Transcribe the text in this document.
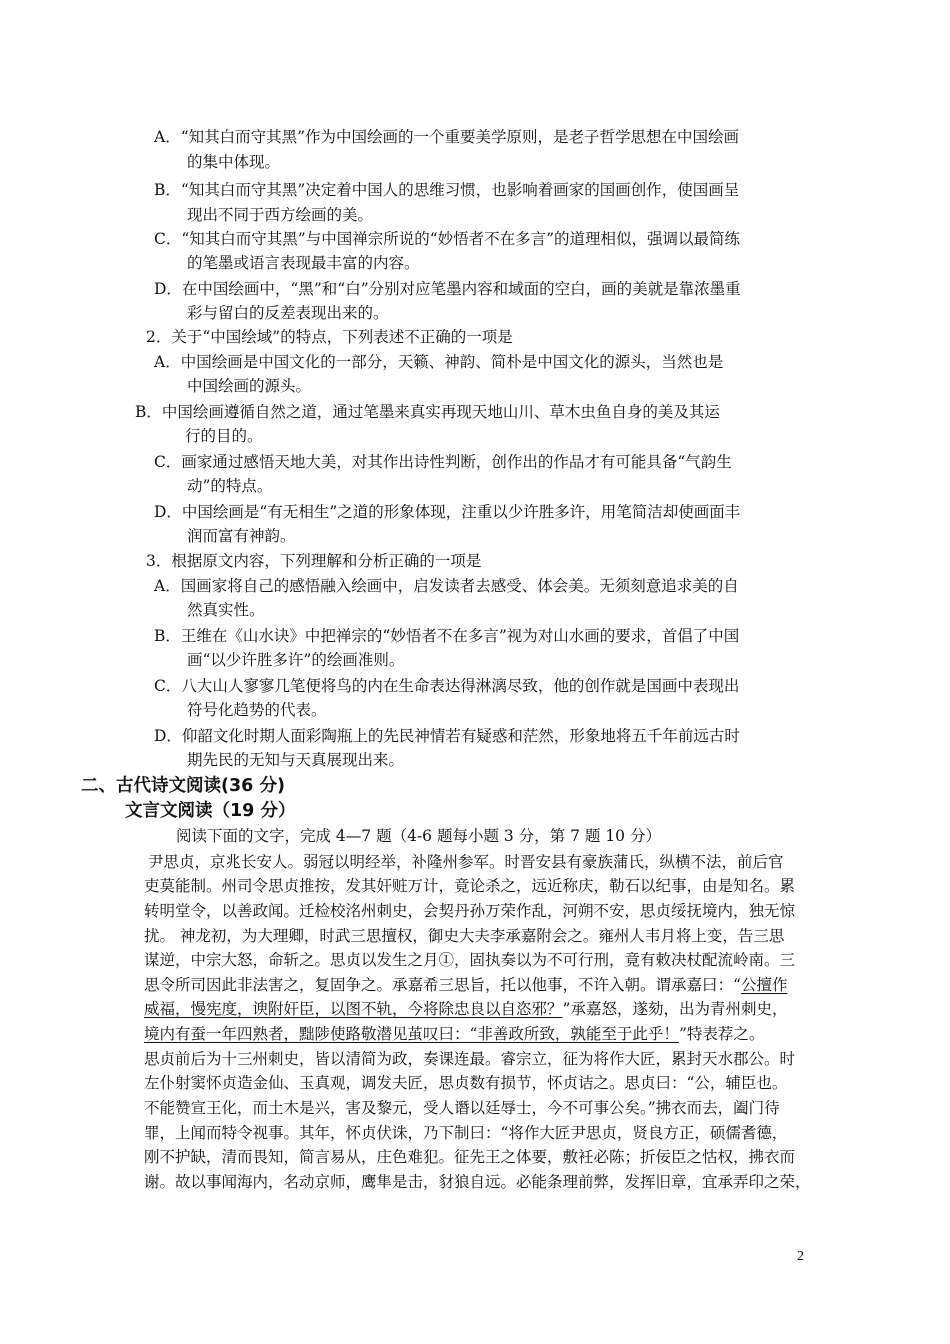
A．“知其白而守其黑”作为中国绘画的一个重要美学原则，是老子哲学思想在中国绘画
的集中体现。
B．“知其白而守其黑”决定着中国人的思维习惯，也影响着画家的国画创作，使国画呈
现出不同于西方绘画的美。
C．“知其白而守其黑”与中国禅宗所说的“妙悟者不在多言”的道理相似，强调以最简练
的笔墨或语言表现最丰富的内容。
D．在中国绘画中，“黑”和“白”分别对应笔墨内容和域面的空白，画的美就是靠浓墨重
彩与留白的反差表现出来的。
2．关于“中国绘域”的特点，下列表述不正确的一项是
A．中国绘画是中国文化的一部分，天籁、神韵、简朴是中国文化的源头，当然也是
中国绘画的源头。
B．中国绘画遵循自然之道，通过笔墨来真实再现天地山川、草木虫鱼自身的美及其运
行的目的。
C．画家通过感悟天地大美，对其作出诗性判断，创作出的作品才有可能具备“气韵生
动”的特点。
D．中国绘画是“有无相生”之道的形象体现，注重以少许胜多许，用笔简洁却使画面丰
润而富有神韵。
3．根据原文内容，下列理解和分析正确的一项是
A．国画家将自己的感悟融入绘画中，启发读者去感受、体会美。无须刻意追求美的自
然真实性。
B．王维在《山水诀》中把禅宗的“妙悟者不在多言”视为对山水画的要求，首倡了中国
画“以少许胜多许”的绘画准则。
C．八大山人寥寥几笔便将鸟的内在生命表达得淋漓尽致，他的创作就是国画中表现出
符号化趋势的代表。
D．仰韶文化时期人面彩陶瓶上的先民神情若有疑惑和茫然，形象地将五千年前远古时
期先民的无知与天真展现出来。
二、古代诗文阅读(36 分)
文言文阅读（19 分）
阅读下面的文字，完成 4—7 题（4-6 题每小题 3 分，第 7 题 10 分）
尹思贞，京兆长安人。弱冠以明经举，补隆州参军。时晋安县有豪族蒲氏，纵横不法，前后官
吏莫能制。州司令思贞推按，发其奸赃万计，竟论杀之，远近称庆，勒石以纪事，由是知名。累
转明堂令，以善政闻。迁检校洺州刺史，会契丹孙万荣作乱，河朔不安，思贞绥抚境内，独无惊
扰。 神龙初，为大理卿，时武三思擅权，御史大夫李承嘉附会之。雍州人韦月将上变，告三思
谋逆，中宗大怒，命斩之。思贞以发生之月①，固执奏以为不可行刑，竟有敕决杖配流岭南。三
思令所司因此非法害之，复固争之。承嘉希三思旨，托以他事，不许入朝。谓承嘉曰：“公擅作
威福，慢宪度，谀附奸臣，以图不轨，今将除忠良以自恣邪？”承嘉怒，遂劾，出为青州刺史，
境内有蚕一年四熟者，黜陟使路敬潜见茧叹曰：“非善政所致，孰能至于此乎！”特表荐之。
思贞前后为十三州刺史，皆以清简为政，奏课连最。睿宗立，征为将作大匠，累封天水郡公。时
左仆射窦怀贞造金仙、玉真观，调发夫匠，思贞数有损节，怀贞诘之。思贞曰：“公，辅臣也。
不能赞宣王化，而土木是兴，害及黎元，受人谮以廷辱士，今不可事公矣。”拂衣而去，阖门待
罪，上闻而特令视事。其年，怀贞伏诛，乃下制曰：“将作大匠尹思贞，贤良方正，硕儒耆德，
刚不护缺，清而畏知，简言易从，庄色难犯。征先王之体要，敷衽必陈；折佞臣之怙权，拂衣而
谢。故以事闻海内，名动京师，鹰隼是击，豺狼自远。必能条理前弊，发挥旧章，宜承弄印之荣，
2
